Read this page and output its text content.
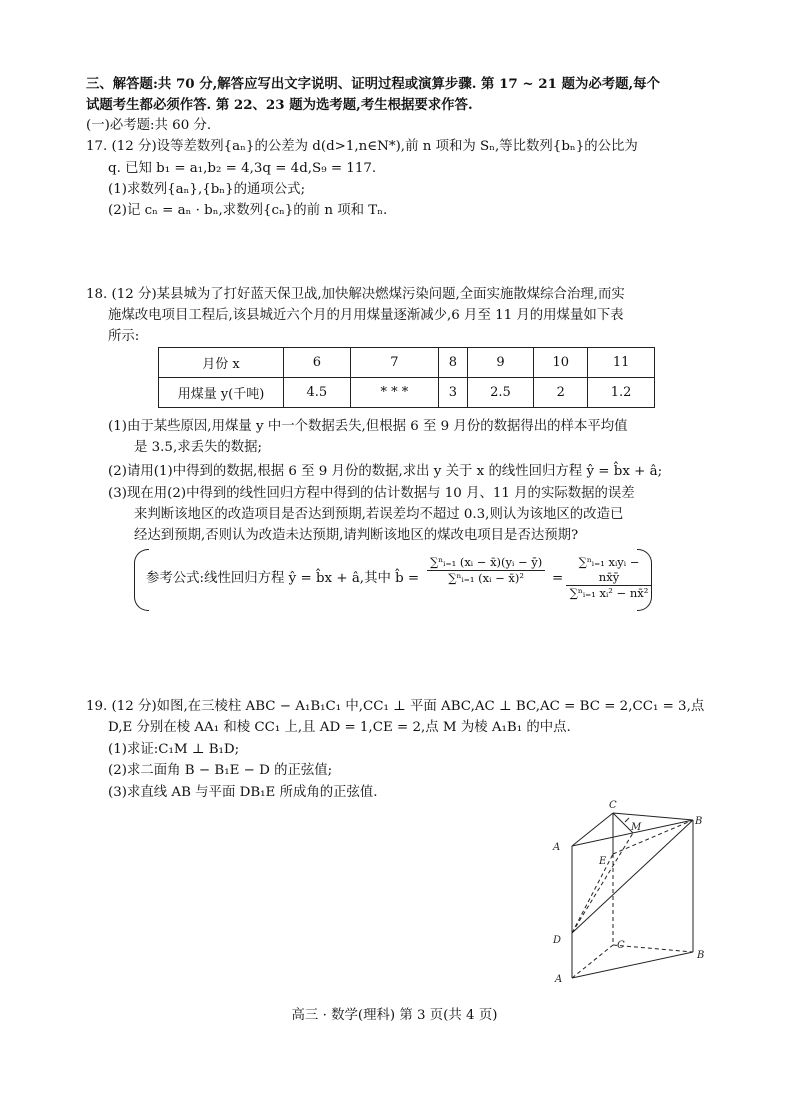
三、解答题:共 70 分,解答应写出文字说明、证明过程或演算步骤. 第 17 ~ 21 题为必考题,每个
试题考生都必须作答. 第 22、23 题为选考题,考生根据要求作答.
(一)必考题:共 60 分.
17. (12 分)设等差数列{aₙ}的公差为 d(d>1,n∈N*),前 n 项和为 Sₙ,等比数列{bₙ}的公比为
q. 已知 b₁ = a₁,b₂ = 4,3q = 4d,S₉ = 117.
(1)求数列{aₙ},{bₙ}的通项公式;
(2)记 cₙ = aₙ · bₙ,求数列{cₙ}的前 n 项和 Tₙ.
18. (12 分)某县城为了打好蓝天保卫战,加快解决燃煤污染问题,全面实施散煤综合治理,而实
施煤改电项目工程后,该县城近六个月的月用煤量逐渐减少,6 月至 11 月的用煤量如下表
所示:
月份 x	6	7	8	9	10	11
用煤量 y(千吨)	4.5	* * *	3	2.5	2	1.2
(1)由于某些原因,用煤量 y 中一个数据丢失,但根据 6 至 9 月份的数据得出的样本平均值
是 3.5,求丢失的数据;
(2)请用(1)中得到的数据,根据 6 至 9 月份的数据,求出 y 关于 x 的线性回归方程 ŷ = b̂x + â;
(3)现在用(2)中得到的线性回归方程中得到的估计数据与 10 月、11 月的实际数据的误差
来判断该地区的改造项目是否达到预期,若误差均不超过 0.3,则认为该地区的改造已
经达到预期,否则认为改造未达预期,请判断该地区的煤改电项目是否达预期?
参考公式:线性回归方程 ŷ = b̂x + â,其中 b̂ = $\frac{\text{∑ⁿᵢ₌₁ (xᵢ − x̄)(yᵢ − ȳ)}}{\text{∑ⁿᵢ₌₁ (xᵢ − x̄)²}}$ =
∑ⁿᵢ₌₁ xᵢyᵢ − nx̄ȳ
∑ⁿᵢ₌₁ xᵢ² − nx̄²
19. (12 分)如图,在三棱柱 ABC − A₁B₁C₁ 中,CC₁ ⊥ 平面 ABC,AC ⊥ BC,AC = BC = 2,CC₁ = 3,点
D,E 分别在棱 AA₁ 和棱 CC₁ 上,且 AD = 1,CE = 2,点 M 为棱 A₁B₁ 的中点.
(1)求证:C₁M ⊥ B₁D;
(2)求二面角 B − B₁E − D 的正弦值;
(3)求直线 AB 与平面 DB₁E 所成角的正弦值.
C
M
B
A
E
D	C
B
A
高三 · 数学(理科) 第 3 页(共 4 页)
